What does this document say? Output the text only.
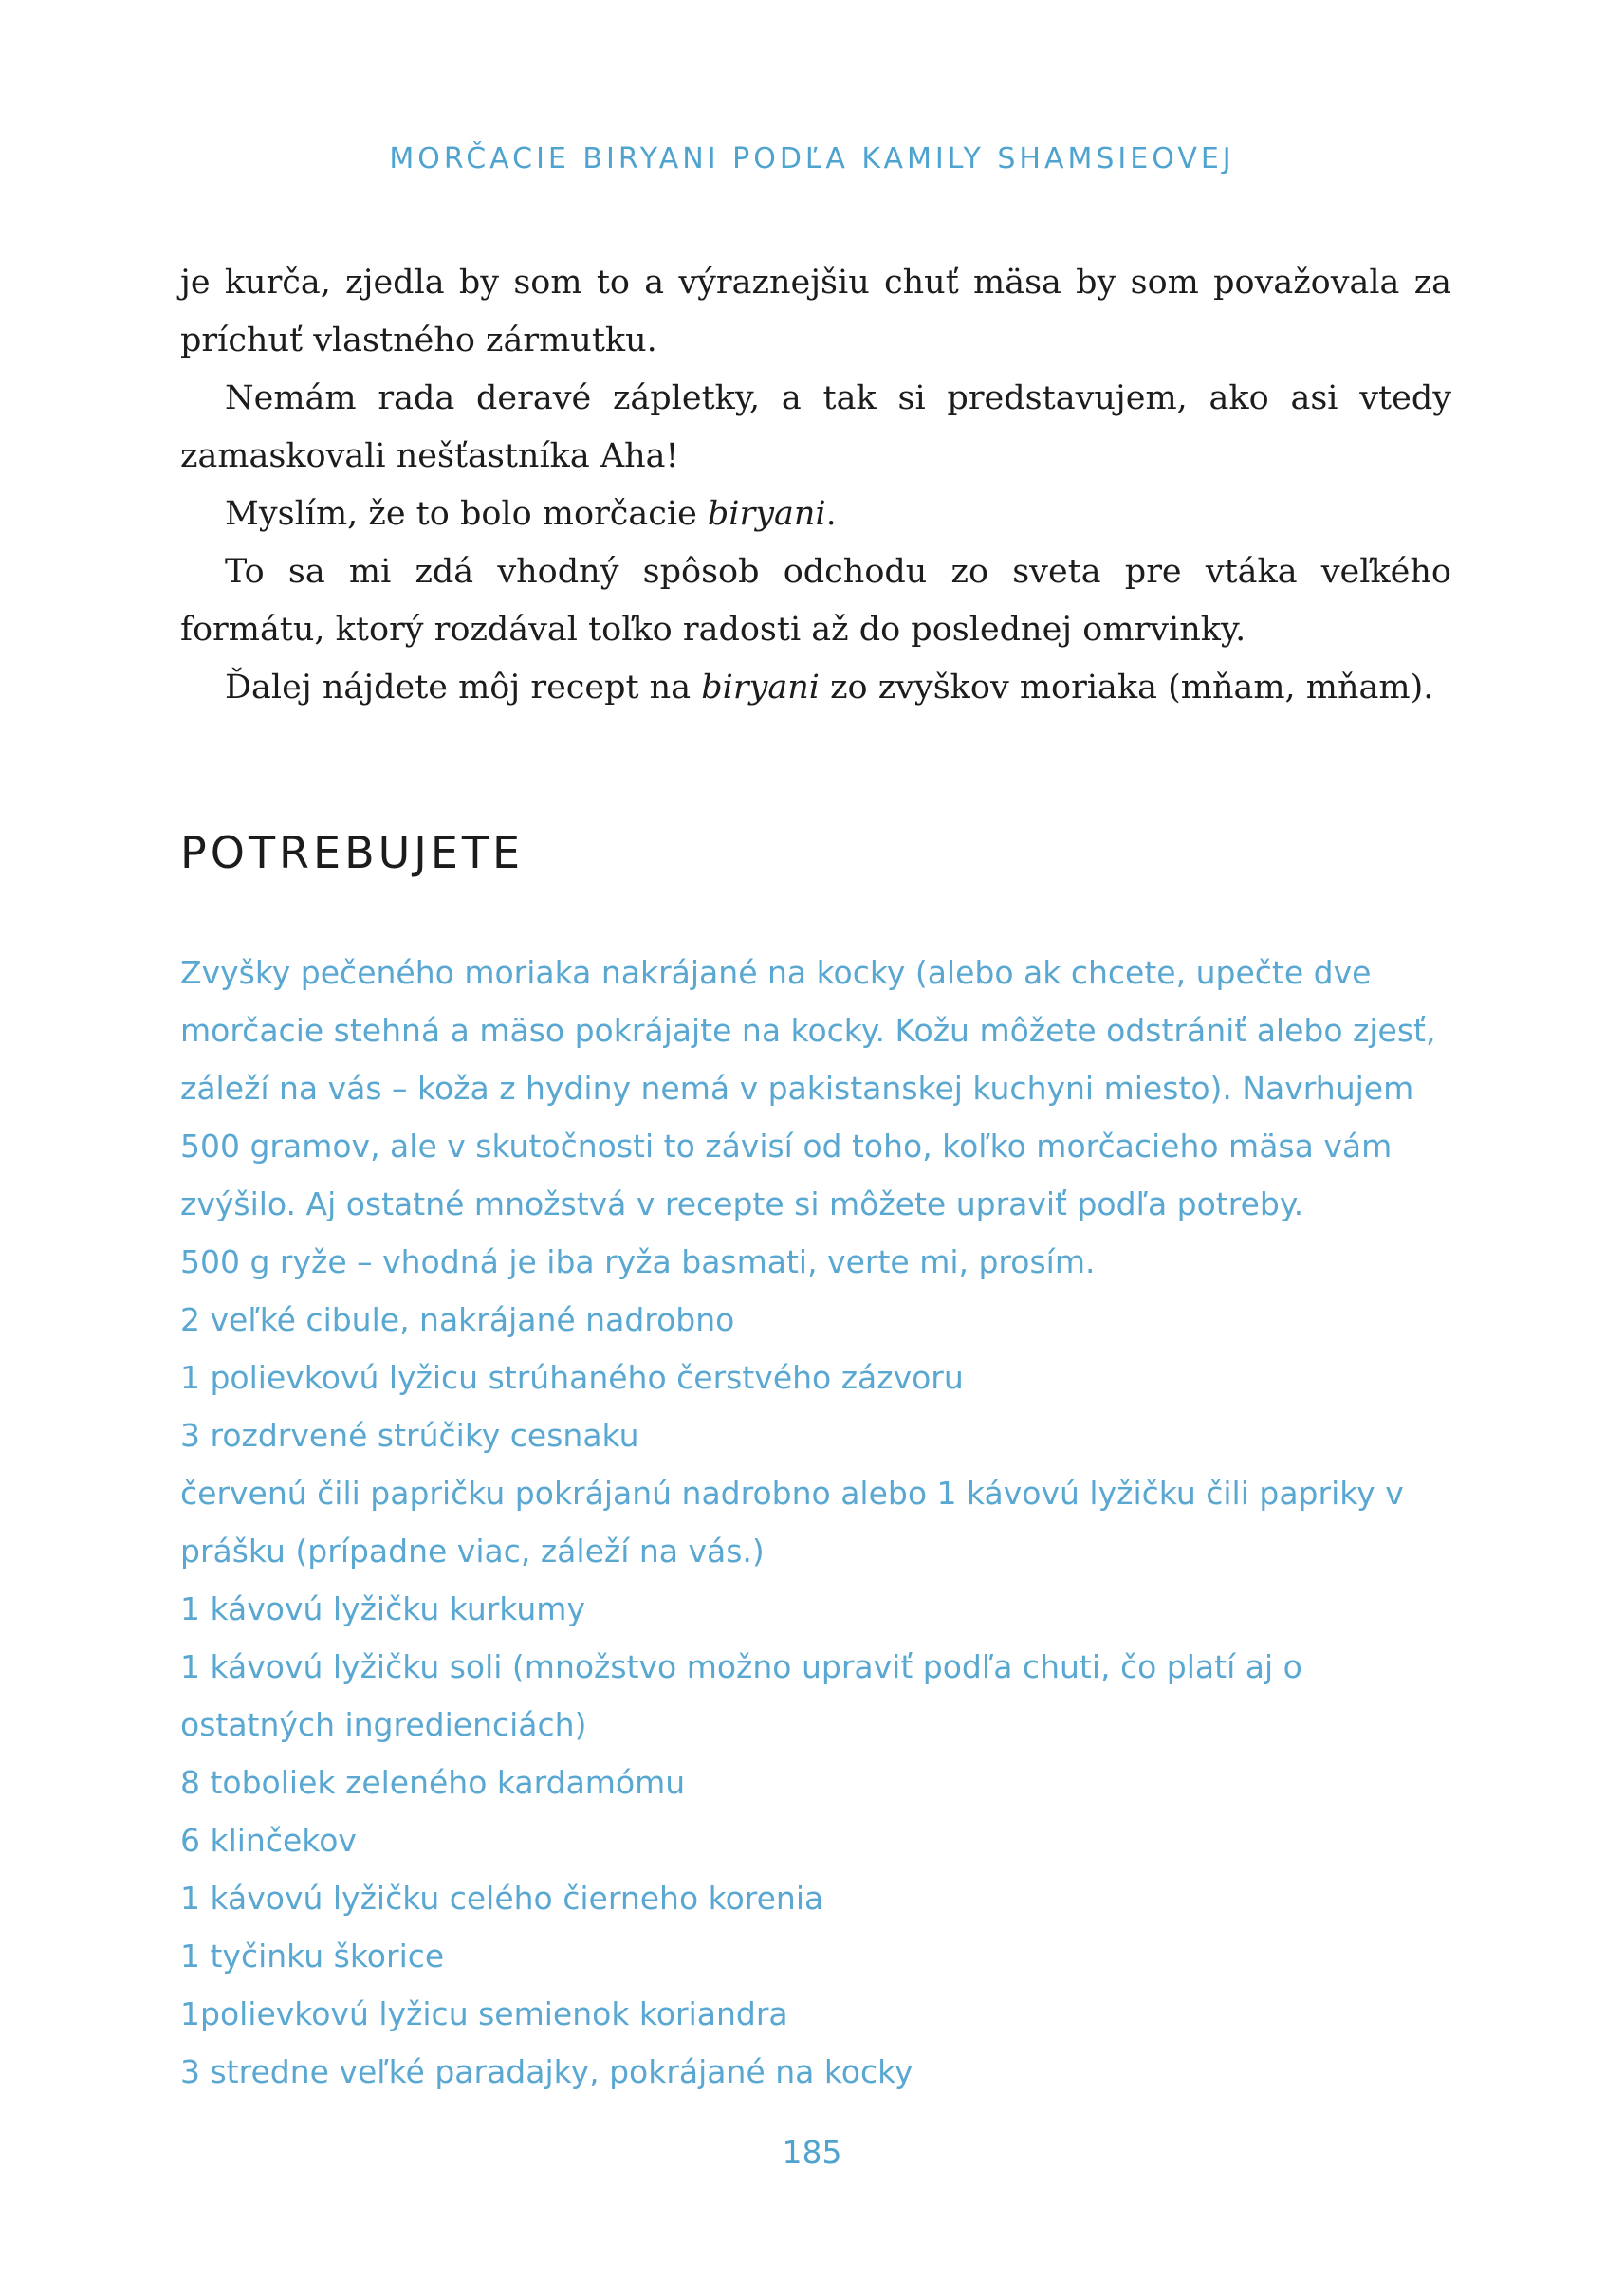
MORČACIE BIRYANI PODĽA KAMILY SHAMSIEOVEJ

je kurča, zjedla by som to a výraznejšiu chuť mäsa by som považovala za príchuť vlastného zármutku.

Nemám rada deravé zápletky, a tak si predstavujem, ako asi vtedy zamaskovali nešťastníka Aha!

Myslím, že to bolo morčacie biryani.

To sa mi zdá vhodný spôsob odchodu zo sveta pre vtáka veľkého formátu, ktorý rozdával toľko radosti až do poslednej omrvinky.

Ďalej nájdete môj recept na biryani zo zvyškov moriaka (mňam, mňam).

POTREBUJETE
Zvyšky pečeného moriaka nakrájané na kocky (alebo ak chcete, upečte dve morčacie stehná a mäso pokrájajte na kocky. Kožu môžete odstrániť alebo zjesť, záleží na vás – koža z hydiny nemá v pakistanskej kuchyni miesto). Navrhujem 500 gramov, ale v skutočnosti to závisí od toho, koľko morčacieho mäsa vám zvýšilo. Aj ostatné množstvá v recepte si môžete upraviť podľa potreby.
500 g ryže – vhodná je iba ryža basmati, verte mi, prosím.
2 veľké cibule, nakrájané nadrobno
1 polievkovú lyžicu strúhaného čerstvého zázvoru
3 rozdrvené strúčiky cesnaku
červenú čili papričku pokrájanú nadrobno alebo 1 kávovú lyžičku čili papriky v prášku (prípadne viac, záleží na vás.)
1 kávovú lyžičku kurkumy
1 kávovú lyžičku soli (množstvo možno upraviť podľa chuti, čo platí aj o ostatných ingredienciách)
8 toboliek zeleného kardamómu
6 klinčekov
1 kávovú lyžičku celého čierneho korenia
1 tyčinku škorice
1polievkovú lyžicu semienok koriandra
3 stredne veľké paradajky, pokrájané na kocky
185
